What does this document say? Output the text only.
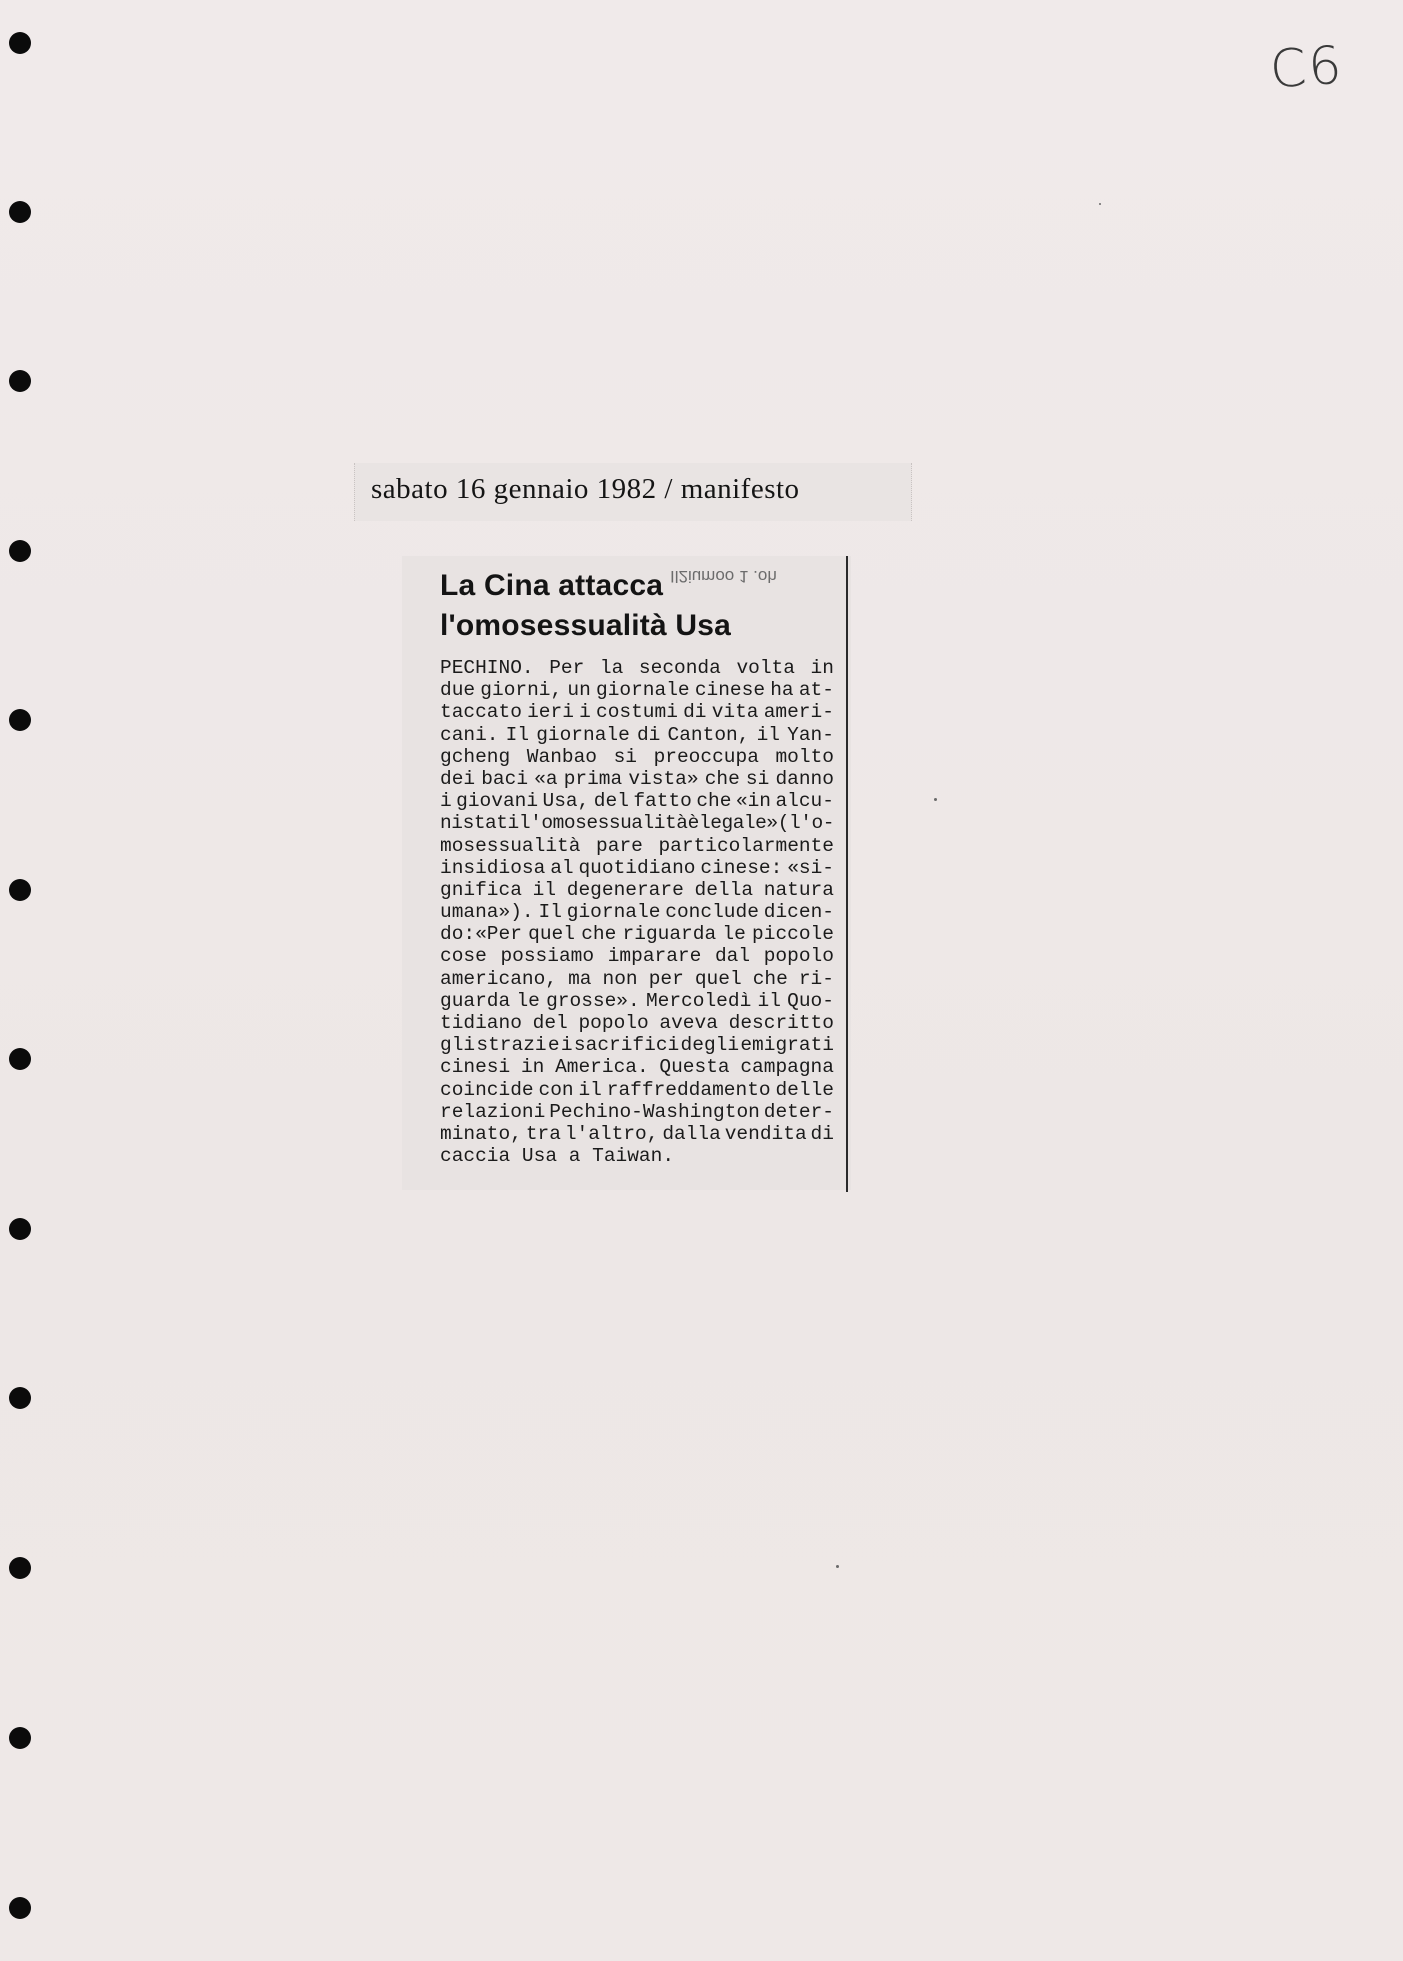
C6
sabato 16 gennaio 1982 / manifesto
Il2iumoo 1 .oh
La Cina attacca
l'omosessualità Usa
PECHINO. Per la seconda volta in
due giorni, un giornale cinese ha at-
taccato ieri i costumi di vita ameri-
cani. Il giornale di Canton, il Yan-
gcheng Wanbao si preoccupa molto
dei baci «a prima vista» che si danno
i giovani Usa, del fatto che «in alcu-
ni stati l'omosessualità è legale» (l'o-
mosessualità pare particolarmente
insidiosa al quotidiano cinese: «si-
gnifica il degenerare della natura
umana»). Il giornale conclude dicen-
do:«Per quel che riguarda le piccole
cose possiamo imparare dal popolo
americano, ma non per quel che ri-
guarda le grosse». Mercoledì il Quo-
tidiano del popolo aveva descritto
gli strazi e i sacrifici degli emigrati
cinesi in America. Questa campagna
coincide con il raffreddamento delle
relazioni Pechino-Washington deter-
minato, tra l'altro, dalla vendita di
caccia Usa a Taiwan.
